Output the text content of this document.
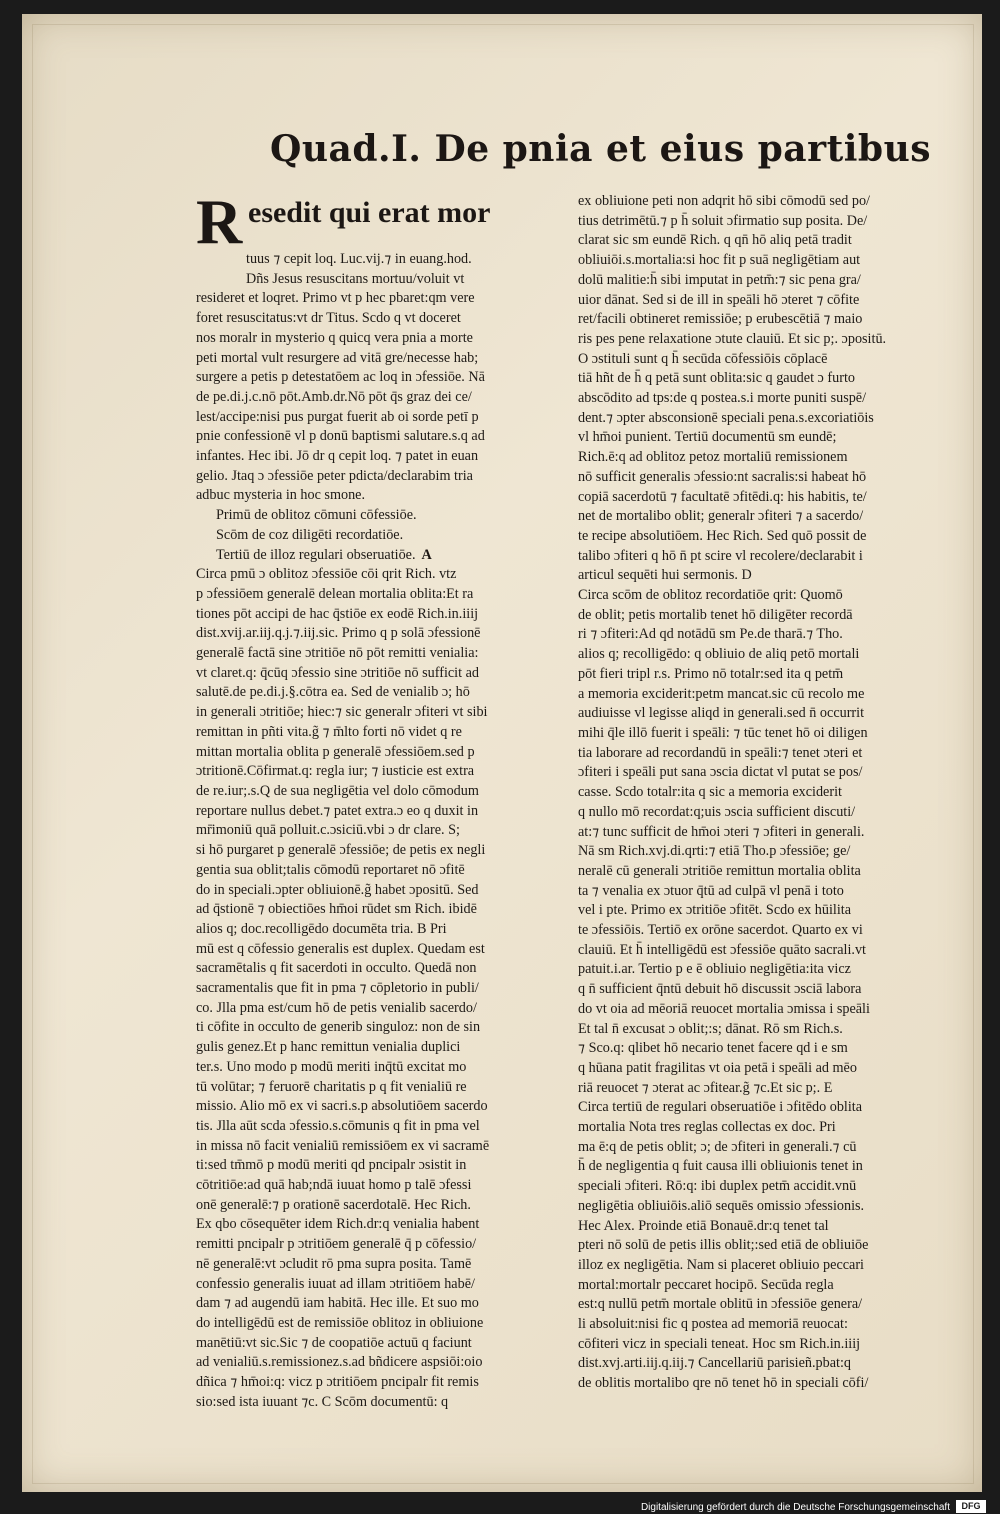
Quad.I. De pnia et eius partibus
R esedit qui erat mor

tuus ⁊ cepit loq. Luc.vij.⁊ in euang.hod.

Dñs Jesus resuscitans mortuu/voluit vt

resideret et loqret. Primo vt p hec pbaret:qm vere

foret resuscitatus:vt dr Titus. Scdo q vt doceret

nos moralr in mysterio q quicq vera pnia a morte

peti mortal vult resurgere ad vitā gre/necesse hab;

surgere a petis p detestatōem ac loq in ɔfessiōe. Nā

de pe.di.j.c.nō pōt.Amb.dr.Nō pōt q̄s graz dei ce/

lest/accipe:nisi pus purgat fuerit ab oi sorde petī p

pnie confessionē vl p donū baptismi salutare.s.q ad

infantes. Hec ibi. Jō dr q cepit loq. ⁊ patet in euan

gelio. Jtaq ɔ ɔfessiōe peter pdicta/declarabim tria

adbuc mysteria in hoc smone.

Primū de oblitoz cōmuni cōfessiōe.

Scōm de coz diligēti recordatiōe.

Tertiū de illoz regulari obseruatiōe. A

Circa pmū ɔ oblitoz ɔfessiōe cōi qrit Rich. vtz

p ɔfessiōem generalē delean mortalia oblita:Et ra

tiones pōt accipi de hac q̄stiōe ex eodē Rich.in.iiij

dist.xvij.ar.iij.q.j.⁊.iij.sic. Primo q p solā ɔfessionē

generalē factā sine ɔtritiōe nō pōt remitti venialia:

vt claret.q: q̄cūq ɔfessio sine ɔtritiōe nō sufficit ad

salutē.de pe.di.j.§.cōtra ea. Sed de venialib ɔ; hō

in generali ɔtritiōe; hiec:⁊ sic generalr ɔfiteri vt sibi

remittan in pñti vita.g̃ ⁊ m̄lto forti nō videt q re

mittan mortalia oblita p generalē ɔfessiōem.sed p

ɔtritionē.Cōfirmat.q: regla iur; ⁊ iusticie est extra

de re.iur;.s.Q de sua negligētia vel dolo cōmodum

reportare nullus debet.⁊ patet extra.ɔ eo q duxit in

mr̄imoniū quā polluit.c.ɔsiciū.vbi ɔ dr clare. S;

si hō purgaret p generalē ɔfessiōe; de petis ex negli

gentia sua oblit;talis cōmodū reportaret nō ɔfitē

do in speciali.ɔpter obliuionē.g̃ habet ɔpositū. Sed

ad q̄stionē ⁊ obiectiōes hm̄oi rūdet sm Rich. ibidē

alios q; doc.recolligēdo documēta tria. B Pri

mū est q cōfessio generalis est duplex. Quedam est

sacramētalis q fit sacerdoti in occulto. Quedā non

sacramentalis que fit in pma ⁊ cōpletorio in publi/

co. Jlla pma est/cum hō de petis venialib sacerdo/

ti cōfite in occulto de generib singuloz: non de sin

gulis genez.Et p hanc remittun venialia duplici

ter.s. Uno modo p modū meriti inq̄tū excitat mo

tū volūtar; ⁊ feruorē charitatis p q fit venialiū re

missio. Alio mō ex vi sacri.s.p absolutiōem sacerdo

tis. Jlla aūt scda ɔfessio.s.cōmunis q fit in pma vel

in missa nō facit venialiū remissiōem ex vi sacramē

ti:sed tm̄mō p modū meriti qd pncipalr ɔsistit in

cōtritiōe:ad quā hab;ndā iuuat homo p talē ɔfessi

onē generalē:⁊ p orationē sacerdotalē. Hec Rich.

Ex qbo cōsequēter idem Rich.dr:q venialia habent

remitti pncipalr p ɔtritiōem generalē q̄ p cōfessio/

nē generalē:vt ɔcludit rō pma supra posita. Tamē

confessio generalis iuuat ad illam ɔtritiōem habē/

dam ⁊ ad augendū iam habitā. Hec ille. Et suo mo

do intelligēdū est de remissiōe oblitoz in obliuione

manētiū:vt sic.Sic ⁊ de coopatiōe actuū q faciunt

ad venialiū.s.remissionez.s.ad bñdicere aspsiōi:oio

dñica ⁊ hm̄oi:q: vicz p ɔtritiōem pncipalr fit remis

sio:sed ista iuuant ⁊c. C Scōm documentū: q

ex obliuione peti non adqrit hō sibi cōmodū sed po/

tius detrimētū.⁊ p h̄ soluit ɔfirmatio sup posita. De/

clarat sic sm eundē Rich. q qn̄ hō aliq petā tradit

obliuiōi.s.mortalia:si hoc fit p suā negligētiam aut

dolū malitie:h̄ sibi imputat in petm̄:⁊ sic pena gra/

uior dānat. Sed si de ill in speāli hō ɔteret ⁊ cōfite

ret/facili obtineret remissiōe; p erubescētiā ⁊ maio

ris pes pene relaxatione ɔtute clauiū. Et sic p;. ɔpositū.

O ɔstituli sunt q h̄ secūda cōfessiōis cōplacē

tiā hñt de h̄ q petā sunt oblita:sic q gaudet ɔ furto

abscōdito ad tps:de q postea.s.i morte puniti suspē/

dent.⁊ ɔpter absconsionē speciali pena.s.excoriatiōis

vl hm̄oi punient. Tertiū documentū sm eundē;

Rich.ē:q ad oblitoz petoz mortaliū remissionem

nō sufficit generalis ɔfessio:nt sacralis:si habeat hō

copiā sacerdotū ⁊ facultatē ɔfitēdi.q: his habitis, te/

net de mortalibo oblit; generalr ɔfiteri ⁊ a sacerdo/

te recipe absolutiōem. Hec Rich. Sed quō possit de

talibo ɔfiteri q hō n̄ pt scire vl recolere/declarabit i

articul sequēti hui sermonis. D

Circa scōm de oblitoz recordatiōe qrit: Quomō

de oblit; petis mortalib tenet hō diligēter recordā

ri ⁊ ɔfiteri:Ad qd notādū sm Pe.de tharā.⁊ Tho.

alios q; recolligēdo: q obliuio de aliq petō mortali

pōt fieri tripl r.s. Primo nō totalr:sed ita q petm̄

a memoria exciderit:petm mancat.sic cū recolo me

audiuisse vl legisse aliqd in generali.sed n̄ occurrit

mihi q̄le illō fuerit i speāli: ⁊ tūc tenet hō oi diligen

tia laborare ad recordandū in speāli:⁊ tenet ɔteri et

ɔfiteri i speāli put sana ɔscia dictat vl putat se pos/

casse. Scdo totalr:ita q sic a memoria exciderit

q nullo mō recordat:q;uis ɔscia sufficient discuti/

at:⁊ tunc sufficit de hm̄oi ɔteri ⁊ ɔfiteri in generali.

Nā sm Rich.xvj.di.qrti:⁊ etiā Tho.p ɔfessiōe; ge/

neralē cū generali ɔtritiōe remittun mortalia oblita

ta ⁊ venalia ex ɔtuor q̄tū ad culpā vl penā i toto

vel i pte. Primo ex ɔtritiōe ɔfitēt. Scdo ex hūilita

te ɔfessiōis. Tertiō ex orōne sacerdot. Quarto ex vi

clauiū. Et h̄ intelligēdū est ɔfessiōe quāto sacrali.vt

patuit.i.ar. Tertio p e ē obliuio negligētia:ita vicz

q n̄ sufficient q̄ntū debuit hō discussit ɔsciā labora

do vt oia ad mēoriā reuocet mortalia ɔmissa i speāli

Et tal n̄ excusat ɔ oblit;:s; dānat. Rō sm Rich.s.

⁊ Sco.q: qlibet hō necario tenet facere qd i e sm

q hūana patit fragilitas vt oia petā i speāli ad mēo

riā reuocet ⁊ ɔterat ac ɔfitear.g̃ ⁊c.Et sic p;. E

Circa tertiū de regulari obseruatiōe i ɔfitēdo oblita

mortalia Nota tres reglas collectas ex doc. Pri

ma ē:q de petis oblit; ɔ; de ɔfiteri in generali.⁊ cū

h̄ de negligentia q fuit causa illi obliuionis tenet in

speciali ɔfiteri. Rō:q: ibi duplex petm̄ accidit.vnū

negligētia obliuiōis.aliō sequēs omissio ɔfessionis.

Hec Alex. Proinde etiā Bonauē.dr:q tenet tal

pteri nō solū de petis illis oblit;:sed etiā de obliuiōe

illoz ex negligētia. Nam si placeret obliuio peccari

mortal:mortalr peccaret hocipō. Secūda regla

est:q nullū petm̄ mortale oblitū in ɔfessiōe genera/

li absoluit:nisi fic q postea ad memoriā reuocat:

cōfiteri vicz in speciali teneat. Hoc sm Rich.in.iiij

dist.xvj.arti.iij.q.iij.⁊ Cancellariū parisieñ.pbat:q

de oblitis mortalibo qre nō tenet hō in speciali cōfi/

Digitalisierung gefördert durch die Deutsche Forschungsgemeinschaft	DFG
